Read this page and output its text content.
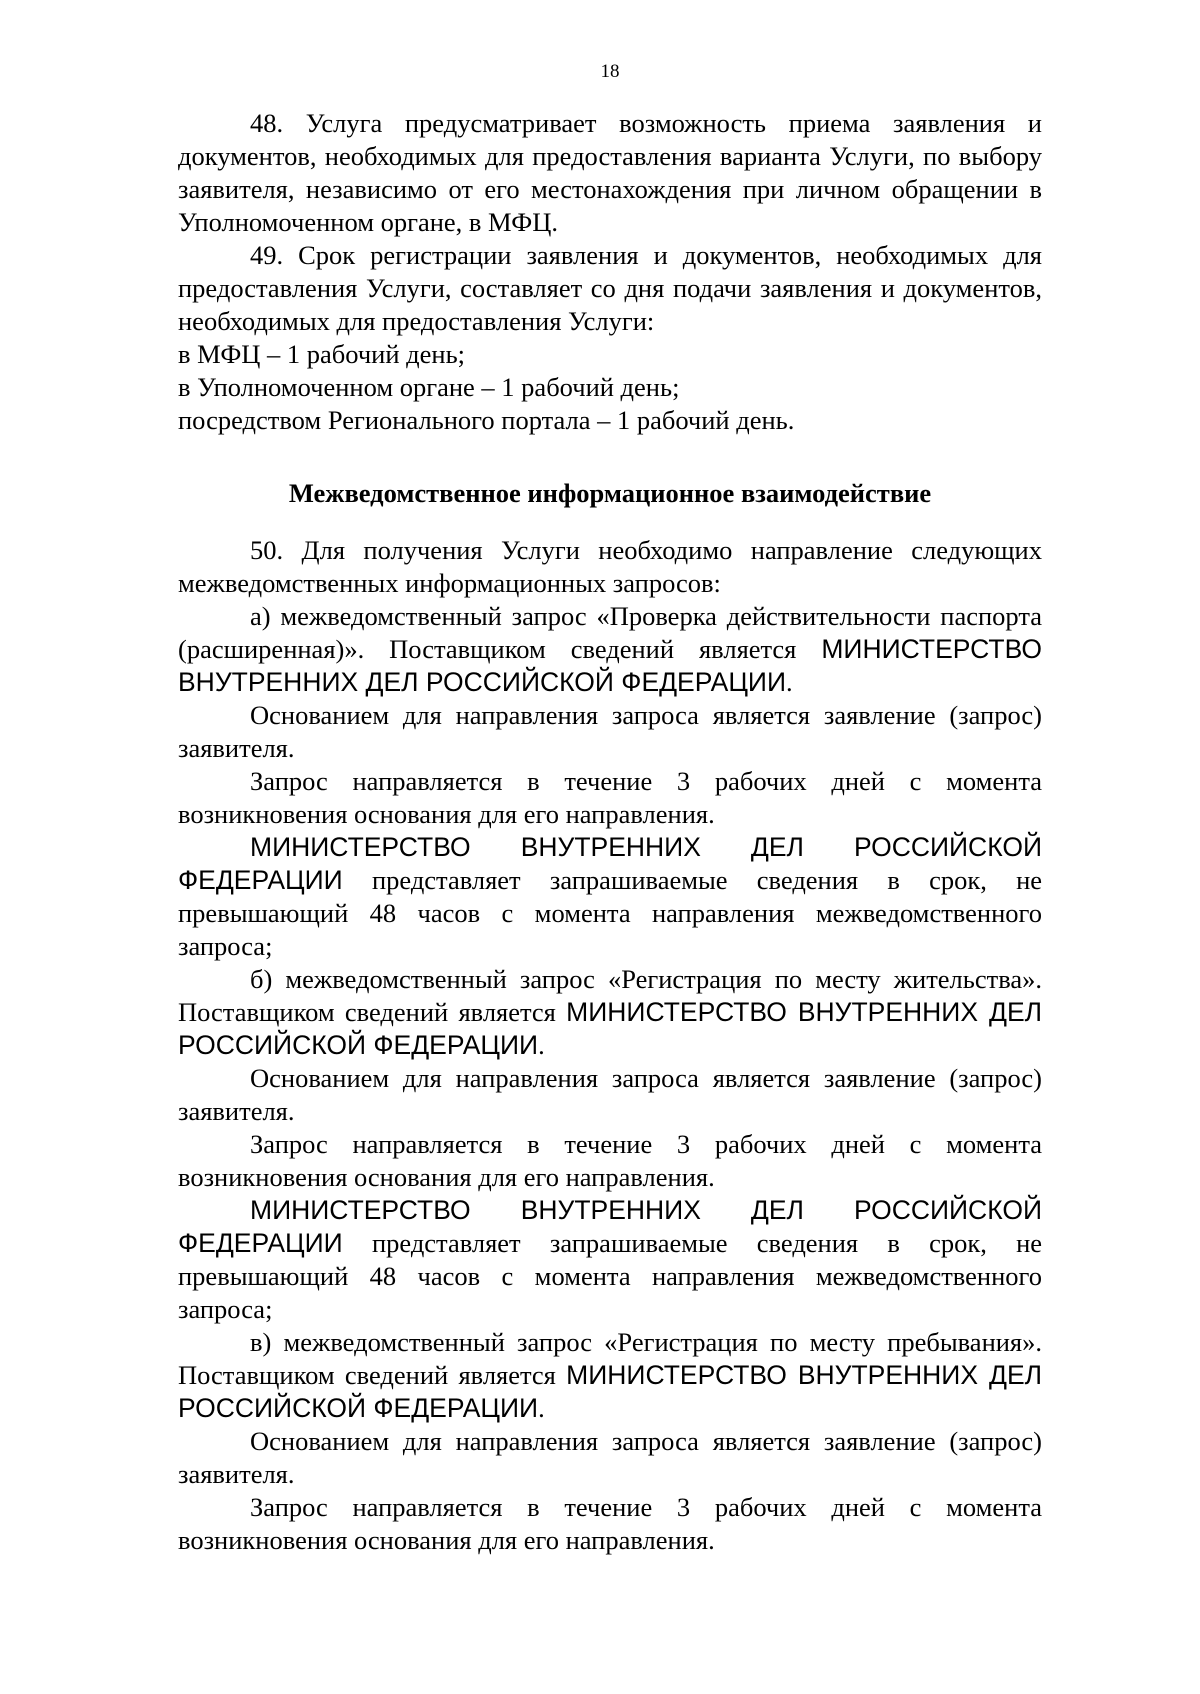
18

48. Услуга предусматривает возможность приема заявления и документов, необходимых для предоставления варианта Услуги, по выбору заявителя, независимо от его местонахождения при личном обращении в Уполномоченном органе, в МФЦ.

49. Срок регистрации заявления и документов, необходимых для предоставления Услуги, составляет со дня подачи заявления и документов, необходимых для предоставления Услуги:

в МФЦ – 1 рабочий день;

в Уполномоченном органе – 1 рабочий день;

посредством Регионального портала – 1 рабочий день.

Межведомственное информационное взаимодействие

50. Для получения Услуги необходимо направление следующих межведомственных информационных запросов:

а) межведомственный запрос «Проверка действительности паспорта (расширенная)». Поставщиком сведений является МИНИСТЕРСТВО ВНУТРЕННИХ ДЕЛ РОССИЙСКОЙ ФЕДЕРАЦИИ.

Основанием для направления запроса является заявление (запрос) заявителя.

Запрос направляется в течение 3 рабочих дней с момента возникновения основания для его направления.

МИНИСТЕРСТВО ВНУТРЕННИХ ДЕЛ РОССИЙСКОЙ ФЕДЕРАЦИИ представляет запрашиваемые сведения в срок, не превышающий 48 часов с момента направления межведомственного запроса;

б) межведомственный запрос «Регистрация по месту жительства». Поставщиком сведений является МИНИСТЕРСТВО ВНУТРЕННИХ ДЕЛ РОССИЙСКОЙ ФЕДЕРАЦИИ.

Основанием для направления запроса является заявление (запрос) заявителя.

Запрос направляется в течение 3 рабочих дней с момента возникновения основания для его направления.

МИНИСТЕРСТВО ВНУТРЕННИХ ДЕЛ РОССИЙСКОЙ ФЕДЕРАЦИИ представляет запрашиваемые сведения в срок, не превышающий 48 часов с момента направления межведомственного запроса;

в) межведомственный запрос «Регистрация по месту пребывания». Поставщиком сведений является МИНИСТЕРСТВО ВНУТРЕННИХ ДЕЛ РОССИЙСКОЙ ФЕДЕРАЦИИ.

Основанием для направления запроса является заявление (запрос) заявителя.

Запрос направляется в течение 3 рабочих дней с момента возникновения основания для его направления.
